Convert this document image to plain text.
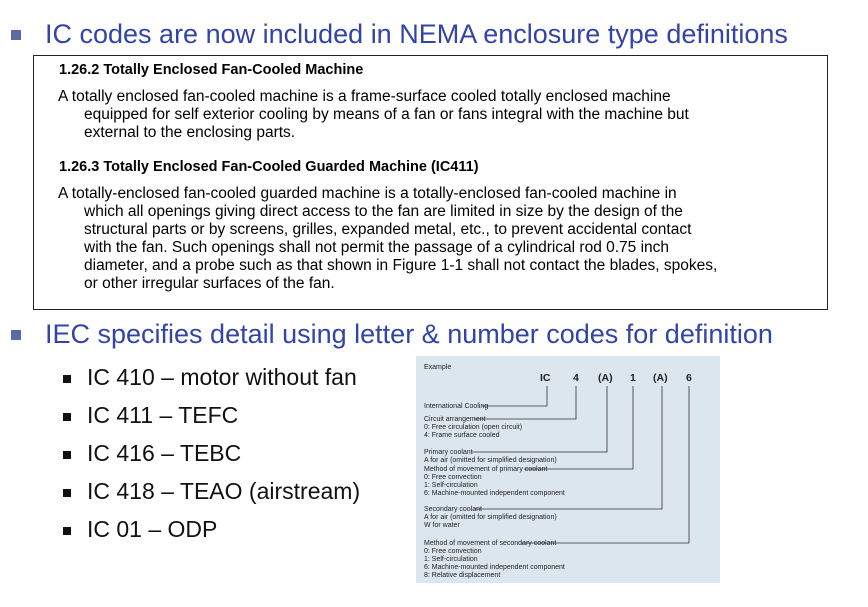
IC codes are now included in NEMA enclosure type definitions
1.26.2 Totally Enclosed Fan-Cooled Machine
A totally enclosed fan-cooled machine is a frame-surface cooled totally enclosed machine
equipped for self exterior cooling by means of a fan or fans integral with the machine but
external to the enclosing parts.
1.26.3 Totally Enclosed Fan-Cooled Guarded Machine (IC411)
A totally-enclosed fan-cooled guarded machine is a totally-enclosed fan-cooled machine in
which all openings giving direct access to the fan are limited in size by the design of the
structural parts or by screens, grilles, expanded metal, etc., to prevent accidental contact
with the fan. Such openings shall not permit the passage of a cylindrical rod 0.75 inch
diameter, and a probe such as that shown in Figure 1-1 shall not contact the blades, spokes,
or other irregular surfaces of the fan.
IEC specifies detail using letter & number codes for definition
IC 410 – motor without fan
IC 411 – TEFC
IC 416 – TEBC
IC 418 – TEAO (airstream)
IC 01 – ODP
Example
IC 4 (A) 1 (A) 6
International Cooling
Circuit arrangement
0: Free circulation (open circuit)
4: Frame surface cooled
Primary coolant
A for air (omitted for simplified designation)
Method of movement of primary coolant
0: Free convection
1: Self-circulation
6: Machine-mounted independent component
Secondary coolant
A for air (omitted for simplified designation)
W for water
Method of movement of secondary coolant
0: Free convection
1: Self-circulation
6: Machine-mounted independent component
8: Relative displacement
